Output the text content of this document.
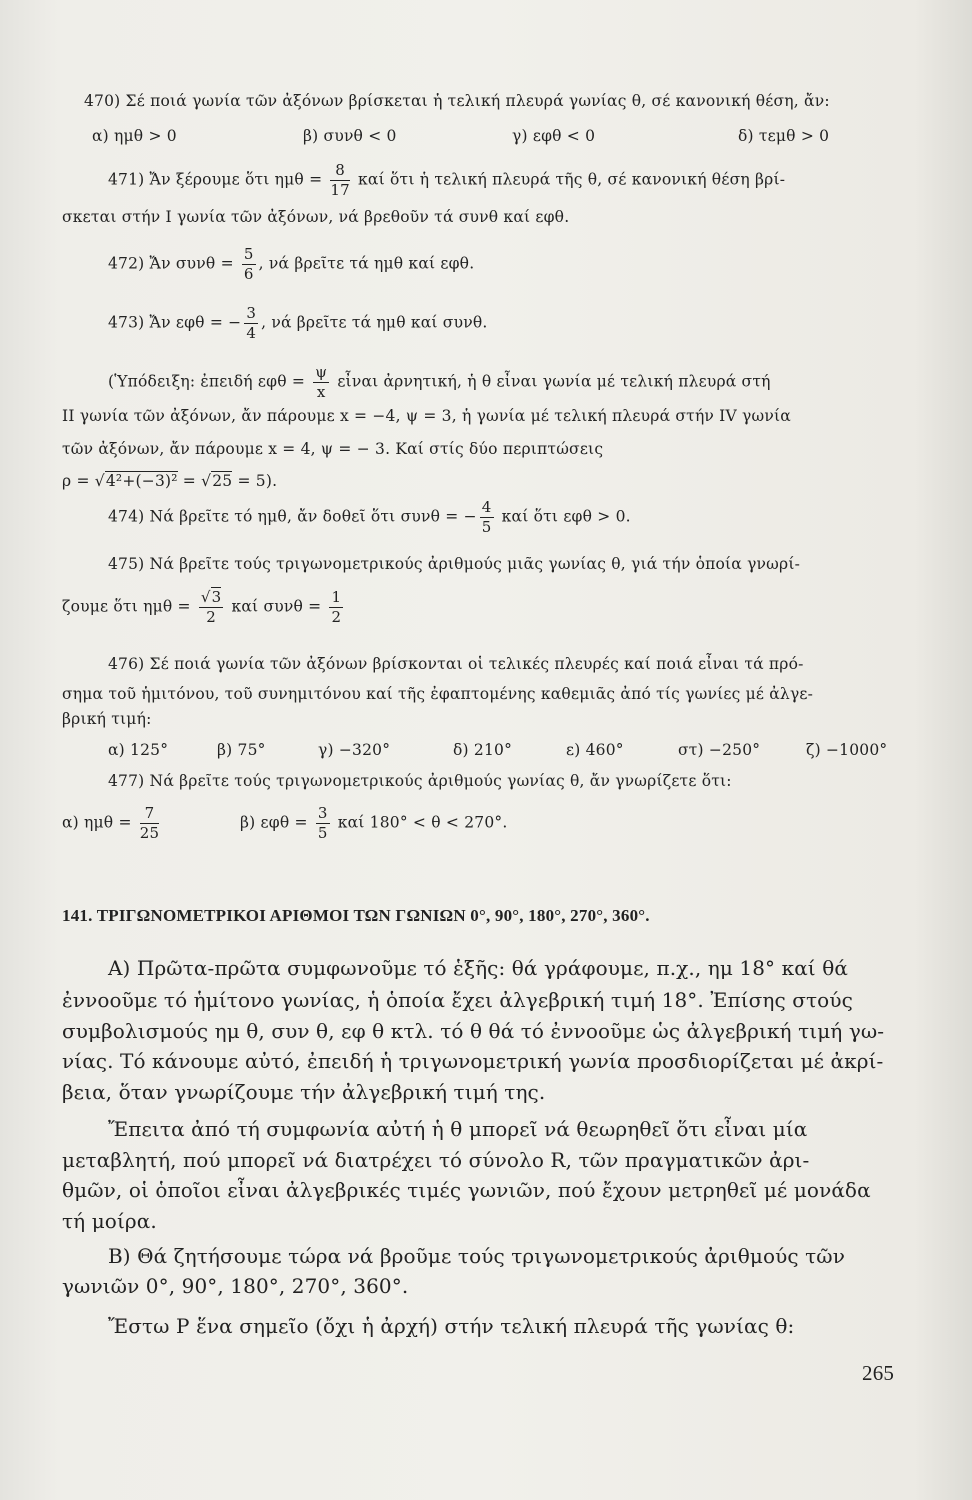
470) Σέ ποιά γωνία τῶν ἀξόνων βρίσκεται ἡ τελική πλευρά γωνίας θ, σέ κανονική θέση, ἄν:
α) ημθ > 0	β) συνθ < 0	γ) εφθ < 0	δ) τεμθ > 0
471) Ἄν ξέρουμε ὅτι $\eta\mu\theta = \frac{8}{17}$ καί ὅτι ἡ τελική πλευρά τῆς θ, σέ κανονική θέση βρί-
σκεται στήν I γωνία τῶν ἀξόνων, νά βρεθοῦν τά συνθ καί εφθ.
472) Ἄν $\sigma\upsilon\nu\theta = \frac{5}{6}$ , νά βρεῖτε τά ημθ καί εφθ.
473) Ἄν εφθ = − $\frac{3}{4}$ , νά βρεῖτε τά ημθ καί συνθ.
(Ὑπόδειξη: ἐπειδή $\varepsilon\varphi\theta = \frac{\psi}{x}$ εἶναι ἀρνητική, ἡ θ εἶναι γωνία μέ τελική πλευρά στή
II γωνία τῶν ἀξόνων, ἄν πάρουμε x = −4, ψ = 3, ἡ γωνία μέ τελική πλευρά στήν IV γωνία
τῶν ἀξόνων, ἄν πάρουμε x = 4, ψ = − 3. Καί στίς δύο περιπτώσεις
ρ = √4²+(−3)² = √25 = 5).
474) Νά βρεῖτε τό ημθ, ἄν δοθεῖ ὅτι συνθ = − $\frac{4}{5}$ καί ὅτι εφθ > 0.
475) Νά βρεῖτε τούς τριγωνομετρικούς ἀριθμούς μιᾶς γωνίας θ, γιά τήν ὁποία γνωρί-
ζουμε ὅτι $\eta\mu\theta = \frac{√3}{2}$ καί $\sigma\upsilon\nu\theta = \frac{1}{2}$
476) Σέ ποιά γωνία τῶν ἀξόνων βρίσκονται οἱ τελικές πλευρές καί ποιά εἶναι τά πρό-
σημα τοῦ ἡμιτόνου, τοῦ συνημιτόνου καί τῆς ἐφαπτομένης καθεμιᾶς ἀπό τίς γωνίες μέ ἀλγε-
βρική τιμή:
α) 125°	β) 75°	γ) −320°	δ) 210°	ε) 460°	στ) −250°	ζ) −1000°
477) Νά βρεῖτε τούς τριγωνομετρικούς ἀριθμούς γωνίας θ, ἄν γνωρίζετε ὅτι:
α) $\eta\mu\theta = \frac{7}{25}$	β) $\varepsilon\varphi\theta = \frac{3}{5}$ καί 180° < θ < 270°.
141. ΤΡΙΓΩΝΟΜΕΤΡΙΚΟΙ ΑΡΙΘΜΟΙ ΤΩΝ ΓΩΝΙΩΝ 0°, 90°, 180°, 270°, 360°.
Α) Πρῶτα-πρῶτα συμφωνοῦμε τό ἑξῆς: θά γράφουμε, π.χ., ημ 18° καί θά
ἐννοοῦμε τό ἡμίτονο γωνίας, ἡ ὁποία ἔχει ἀλγεβρική τιμή 18°. Ἐπίσης στούς
συμβολισμούς ημ θ, συν θ, εφ θ κτλ. τό θ θά τό ἐννοοῦμε ὡς ἀλγεβρική τιμή γω-
νίας. Τό κάνουμε αὐτό, ἐπειδή ἡ τριγωνομετρική γωνία προσδιορίζεται μέ ἀκρί-
βεια, ὅταν γνωρίζουμε τήν ἀλγεβρική τιμή της.
Ἔπειτα ἀπό τή συμφωνία αὐτή ἡ θ μπορεῖ νά θεωρηθεῖ ὅτι εἶναι μία
μεταβλητή, πού μπορεῖ νά διατρέχει τό σύνολο R, τῶν πραγματικῶν ἀρι-
θμῶν, οἱ ὁποῖοι εἶναι ἀλγεβρικές τιμές γωνιῶν, πού ἔχουν μετρηθεῖ μέ μονάδα
τή μοίρα.
Β) Θά ζητήσουμε τώρα νά βροῦμε τούς τριγωνομετρικούς ἀριθμούς τῶν
γωνιῶν 0°, 90°, 180°, 270°, 360°.
Ἔστω Ρ ἕνα σημεῖο (ὄχι ἡ ἀρχή) στήν τελική πλευρά τῆς γωνίας θ:
265
